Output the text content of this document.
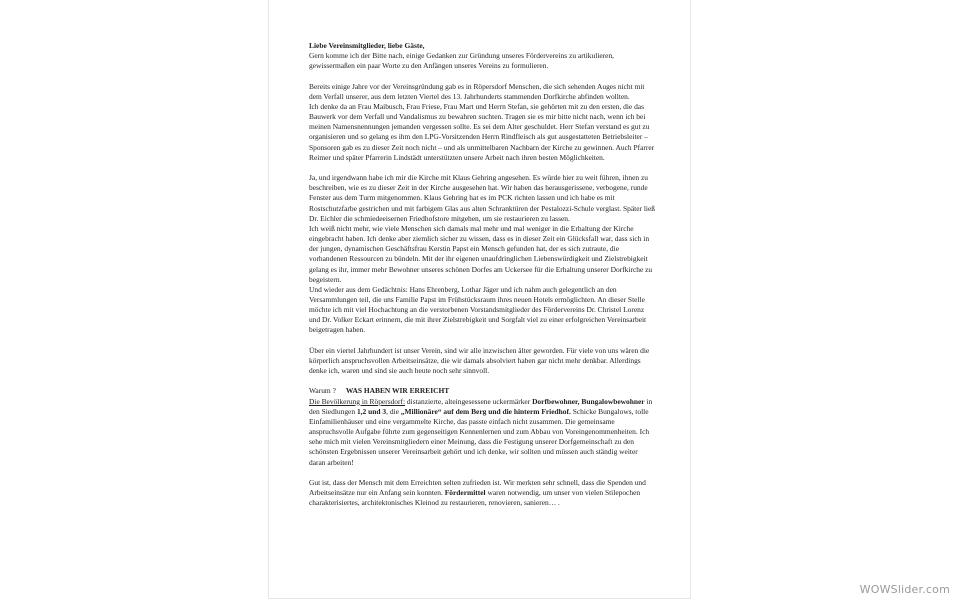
Liebe Vereinsmitglieder, liebe Gäste,
Gern komme ich der Bitte nach, einige Gedanken zur Gründung unseres Fördervereins zu artikulieren, gewissermaßen ein paar Worte zu den Anfängen unseres Vereins zu formulieren.
Bereits einige Jahre vor der Vereinsgründung gab es in Röpersdorf Menschen, die sich sehenden Auges nicht mit dem Verfall unserer, aus dem letzten Viertel des 13. Jahrhunderts stammenden Dorfkirche abfinden wollten.
Ich denke da an Frau Maibusch, Frau Friese, Frau Mart und Herrn Stefan, sie gehörten mit zu den ersten, die das Bauwerk vor dem Verfall und Vandalismus zu bewahren suchten. Tragen sie es mir bitte nicht nach, wenn ich bei meinen Namensnennungen jemanden vergessen sollte. Es sei dem Alter geschuldet. Herr Stefan verstand es gut zu organisieren und so gelang es ihm den LPG-Vorsitzenden Herrn Rindfleisch als gut ausgestatteten Betriebsleiter – Sponsoren gab es zu dieser Zeit noch nicht – und als unmittelbaren Nachbarn der Kirche zu gewinnen. Auch Pfarrer Reimer und später Pfarrerin Lindstädt unterstützten unsere Arbeit nach ihren besten Möglichkeiten.
Ja, und irgendwann habe ich mir die Kirche mit Klaus Gehring angesehen. Es würde hier zu weit führen, ihnen zu beschreiben, wie es zu dieser Zeit in der Kirche ausgesehen hat. Wir haben das herausgerissene, verbogene, runde Fenster aus dem Turm mitgenommen. Klaus Gehring hat es im PCK richten lassen und ich habe es mit Rostschutzfarbe gestrichen und mit farbigem Glas aus alten Schranktüren der Pestalozzi-Schule verglast. Später ließ Dr. Eichler die schmiedeeisernen Friedhofstore mitgehen, um sie restaurieren zu lassen.
Ich weiß nicht mehr, wie viele Menschen sich damals mal mehr und mal weniger in die Erhaltung der Kirche eingebracht haben. Ich denke aber ziemlich sicher zu wissen, dass es in dieser Zeit ein Glücksfall war, dass sich in der jungen, dynamischen Geschäftsfrau Kerstin Papst ein Mensch gefunden hat, der es sich zutraute, die vorhandenen Ressourcen zu bündeln. Mit der ihr eigenen unaufdringlichen Liebenswürdigkeit und Zielstrebigkeit gelang es ihr, immer mehr Bewohner unseres schönen Dorfes am Uckersee für die Erhaltung unserer Dorfkirche zu begeistern.
Und wieder aus dem Gedächtnis: Hans Ehrenberg, Lothar Jäger und ich nahm auch gelegentlich an den Versammlungen teil, die uns Familie Papst im Frühstücksraum ihres neuen Hotels ermöglichten. An dieser Stelle möchte ich mit viel Hochachtung an die verstorbenen Vorstandsmitglieder des Fördervereins Dr. Christel Lorenz und Dr. Volker Eckart erinnern, die mit ihrer Zielstrebigkeit und Sorgfalt viel zu einer erfolgreichen Vereinsarbeit beigetragen haben.
Über ein viertel Jahrhundert ist unser Verein, sind wir alle inzwischen älter geworden. Für viele von uns wären die körperlich anspruchsvollen Arbeitseinsätze, die wir damals absolviert haben gar nicht mehr denkbar. Allerdings denke ich, waren und sind sie auch heute noch sehr sinnvoll.
Warum ? WAS HABEN WIR ERREICHT
Die Bevölkerung in Röpersdorf: distanzierte, alteingesessene uckermärker Dorfbewohner, Bungalowbewohner in den Siedlungen 1,2 und 3, die „Millionäre“ auf dem Berg und die hinterm Friedhof. Schicke Bungalows, tolle Einfamilienhäuser und eine vergammelte Kirche, das passte einfach nicht zusammen. Die gemeinsame anspruchsvolle Aufgabe führte zum gegenseitigen Kennenlernen und zum Abbau von Voreingenommenheiten. Ich sehe mich mit vielen Vereinsmitgliedern einer Meinung, dass die Festigung unserer Dorfgemeinschaft zu den schönsten Ergebnissen unserer Vereinsarbeit gehört und ich denke, wir sollten und müssen auch ständig weiter daran arbeiten!
Gut ist, dass der Mensch mit dem Erreichten selten zufrieden ist. Wir merkten sehr schnell, dass die Spenden und Arbeitseinsätze nur ein Anfang sein konnten. Fördermittel waren notwendig, um unser von vielen Stilepochen charakterisiertes, architektonisches Kleinod zu restaurieren, renovieren, sanieren… .
WOWSlider.com
